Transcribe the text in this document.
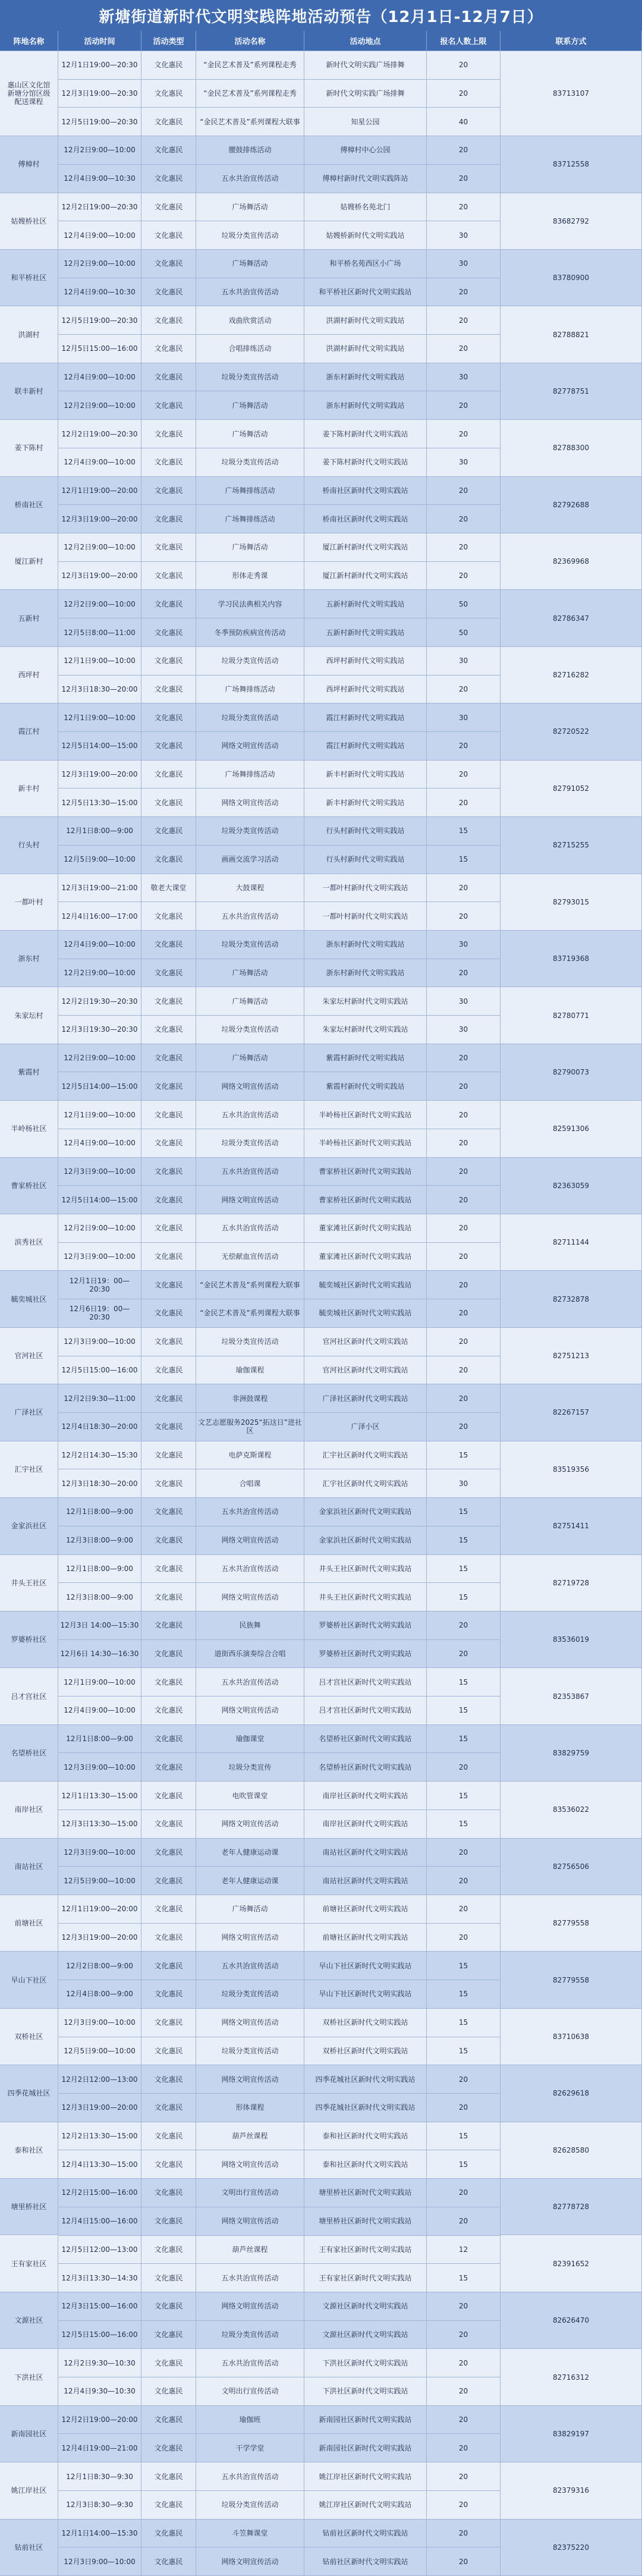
新塘街道新时代文明实践阵地活动预告（12月1日-12月7日）
阵地名称	活动时间	活动类型	活动名称	活动地点	报名人数上限	联系方式
惠山区文化馆
新塘分馆区级
配送课程
83713107
12月1日19:00—20:30	文化惠民	“金民艺术普及”系列课程走秀	新时代文明实践广场排舞	20
12月3日19:00—20:30	文化惠民	“金民艺术普及”系列课程走秀	新时代文明实践广场排舞	20
12月5日19:00—20:30	文化惠民	“金民艺术普及”系列课程大联事	知星公园	40
傅樟村	83712558
12月2日9:00—10:00	文化惠民	腰鼓排练活动	傅樟村中心公园	20
12月4日9:00—10:30	文化惠民	五水共治宣传活动	傅樟村新时代文明实践阵站	20
姑嫂桥社区	83682792
12月2日19:00—20:30	文化惠民	广场舞活动	姑嫂桥名苑北门	20
12月4日9:00—10:00	文化惠民	垃圾分类宣传活动	姑嫂桥新时代文明实践站	30
和平桥社区	83780900
12月2日9:00—10:00	文化惠民	广场舞活动	和平桥名苑西区小广场	30
12月4日9:00—10:30	文化惠民	五水共治宣传活动	和平桥社区新时代文明实践站	20
洪湖村	82788821
12月5日19:00—20:30	文化惠民	戏曲欣赏活动	洪湖村新时代文明实践站	20
12月5日15:00—16:00	文化惠民	合唱排练活动	洪湖村新时代文明实践站	20
联丰新村	82778751
12月4日9:00—10:00	文化惠民	垃圾分类宣传活动	浙东村新时代文明实践站	30
12月2日9:00—10:00	文化惠民	广场舞活动	浙东村新时代文明实践站	20
姜下陈村	82788300
12月2日19:00—20:30	文化惠民	广场舞活动	姜下陈村新时代文明实践站	20
12月4日9:00—10:00	文化惠民	垃圾分类宣传活动	姜下陈村新时代文明实践站	30
桥南社区	82792688
12月1日19:00—20:00	文化惠民	广场舞排练活动	桥南社区新时代文明实践站	20
12月3日19:00—20:00	文化惠民	广场舞排练活动	桥南社区新时代文明实践站	20
厦江新村	82369968
12月2日9:00—10:00	文化惠民	广场舞活动	厦江新村新时代文明实践站	20
12月3日19:00—20:00	文化惠民	形体走秀课	厦江新村新时代文明实践站	20
五新村	82786347
12月2日9:00—10:00	文化惠民	学习民法典相关内容	五新村新时代文明实践站	50
12月5日8:00—11:00	文化惠民	冬季预防疾病宣传活动	五新村新时代文明实践站	50
西坪村	82716282
12月1日9:00—10:00	文化惠民	垃圾分类宣传活动	西坪村新时代文明实践站	30
12月3日18:30—20:00	文化惠民	广场舞排练活动	西坪村新时代文明实践站	20
霞江村	82720522
12月1日9:00—10:00	文化惠民	垃圾分类宣传活动	霞江村新时代文明实践站	30
12月5日14:00—15:00	文化惠民	网络文明宣传活动	霞江村新时代文明实践站	20
新丰村	82791052
12月3日19:00—20:00	文化惠民	广场舞排练活动	新丰村新时代文明实践站	20
12月5日13:30—15:00	文化惠民	网络文明宣传活动	新丰村新时代文明实践站	20
行头村	82715255
12月1日8:00—9:00	文化惠民	垃圾分类宣传活动	行头村新时代文明实践站	15
12月5日9:00—10:00	文化惠民	画画交流学习活动	行头村新时代文明实践站	15
一都叶村	82793015
12月3日19:00—21:00	敬老大课堂	大鼓课程	一都叶村新时代文明实践站	20
12月4日16:00—17:00	文化惠民	五水共治宣传活动	一都叶村新时代文明实践站	20
浙东村	83719368
12月4日9:00—10:00	文化惠民	垃圾分类宣传活动	浙东村新时代文明实践站	30
12月2日9:00—10:00	文化惠民	广场舞活动	浙东村新时代文明实践站	20
朱家坛村	82780771
12月2日19:30—20:30	文化惠民	广场舞活动	朱家坛村新时代文明实践站	30
12月3日19:30—20:30	文化惠民	垃圾分类宣传活动	朱家坛村新时代文明实践站	30
紫霞村	82790073
12月2日9:00—10:00	文化惠民	广场舞活动	紫霞村新时代文明实践站	20
12月5日14:00—15:00	文化惠民	网络文明宣传活动	紫霞村新时代文明实践站	20
半岭杨社区	82591306
12月1日9:00—10:00	文化惠民	五水共治宣传活动	半岭杨社区新时代文明实践站	20
12月4日9:00—10:00	文化惠民	垃圾分类宣传活动	半岭杨社区新时代文明实践站	20
曹家桥社区	82363059
12月3日9:00—10:00	文化惠民	五水共治宣传活动	曹家桥社区新时代文明实践站	20
12月5日14:00—15:00	文化惠民	网络文明宣传活动	曹家桥社区新时代文明实践站	20
滨秀社区	82711144
12月2日9:00—10:00	文化惠民	五水共治宣传活动	董家滩社区新时代文明实践站	20
12月3日9:00—10:00	文化惠民	无偿献血宣传活动	董家滩社区新时代文明实践站	20
毓奕城社区	82732878
12月1日19：00—20:30	文化惠民	“金民艺术普及”系列课程大联事	毓奕城社区新时代文明实践站	20
12月6日19：00—20:30	文化惠民	“金民艺术普及”系列课程大联事	毓奕城社区新时代文明实践站	20
官河社区	82751213
12月3日9:00—10:00	文化惠民	垃圾分类宣传活动	官河社区新时代文明实践站	20
12月5日15:00—16:00	文化惠民	瑜伽课程	官河社区新时代文明实践站	20
广泽社区	82267157
12月2日9:30—11:00	文化惠民	非洲鼓课程	广泽社区新时代文明实践站	20
12月4日18:30—20:00	文化惠民	文艺志愿服务2025“拓这日”进社区	广泽小区	20
汇宇社区	83519356
12月2日14:30—15:30	文化惠民	电萨克斯课程	汇宇社区新时代文明实践站	15
12月3日18:30—20:00	文化惠民	合唱课	汇宇社区新时代文明实践站	30
金家浜社区	82751411
12月1日8:00—9:00	文化惠民	五水共治宣传活动	金家浜社区新时代文明实践站	15
12月3日8:00—9:00	文化惠民	网络文明宣传活动	金家浜社区新时代文明实践站	15
井头王社区	82719728
12月1日8:00—9:00	文化惠民	五水共治宣传活动	井头王社区新时代文明实践站	15
12月3日8:00—9:00	文化惠民	网络文明宣传活动	井头王社区新时代文明实践站	15
罗婆桥社区	83536019
12月3日 14:00—15:30	文化惠民	民族舞	罗婆桥社区新时代文明实践站	20
12月6日 14:30—16:30	文化惠民	道街西乐演奏综合合唱	罗婆桥社区新时代文明实践站	20
吕才宫社区	82353867
12月1日9:00—10:00	文化惠民	五水共治宣传活动	吕才宫社区新时代文明实践站	15
12月4日9:00—10:00	文化惠民	网络文明宣传活动	吕才宫社区新时代文明实践站	15
名望桥社区	83829759
12月1日8:00—9:00	文化惠民	瑜伽课堂	名望桥社区新时代文明实践站	15
12月3日9:00—10:00	文化惠民	垃圾分类宣传	名望桥社区新时代文明实践站	20
南岸社区	83536022
12月1日13:30—15:00	文化惠民	电吹管课堂	南岸社区新时代文明实践站	15
12月3日13:30—15:00	文化惠民	网络文明宣传活动	南岸社区新时代文明实践站	15
南站社区	82756506
12月3日9:00—10:00	文化惠民	老年人健康运动课	南站社区新时代文明实践站	20
12月5日9:00—10:00	文化惠民	老年人健康运动课	南站社区新时代文明实践站	20
前塘社区	82779558
12月1日19:00—20:00	文化惠民	广场舞活动	前塘社区新时代文明实践站	20
12月3日19:00—20:00	文化惠民	网络文明宣传活动	前塘社区新时代文明实践站	20
早山下社区	82779558
12月2日8:00—9:00	文化惠民	五水共治宣传活动	早山下社区新时代文明实践站	15
12月4日8:00—9:00	文化惠民	垃圾分类宣传活动	早山下社区新时代文明实践站	15
双桥社区	83710638
12月3日9:00—10:00	文化惠民	网络文明宣传活动	双桥社区新时代文明实践站	15
12月5日9:00—10:00	文化惠民	垃圾分类宣传活动	双桥社区新时代文明实践站	15
四季花城社区	82629618
12月2日12:00—13:00	文化惠民	网络文明宣传活动	四季花城社区新时代文明实践站	20
12月3日19:00—20:00	文化惠民	形体课程	四季花城社区新时代文明实践站	20
泰和社区	82628580
12月2日13:30—15:00	文化惠民	葫芦丝课程	泰和社区新时代文明实践站	15
12月4日13:30—15:00	文化惠民	网络文明宣传活动	泰和社区新时代文明实践站	15
塘里桥社区	82778728
12月2日15:00—16:00	文化惠民	文明出行宣传活动	塘里桥社区新时代文明实践站	20
12月4日15:00—16:00	文化惠民	网络文明宣传活动	塘里桥社区新时代文明实践站	20
王有家社区	82391652
12月5日12:00—13:00	文化惠民	葫芦丝课程	王有家社区新时代文明实践站	12
12月3日13:30—14:30	文化惠民	五水共治宣传活动	王有家社区新时代文明实践站	15
文源社区	82626470
12月3日15:00—16:00	文化惠民	网络文明宣传活动	文源社区新时代文明实践站	20
12月5日15:00—16:00	文化惠民	垃圾分类宣传活动	文源社区新时代文明实践站	20
下洪社区	82716312
12月2日9:30—10:30	文化惠民	五水共治宣传活动	下洪社区新时代文明实践站	20
12月4日9:30—10:30	文化惠民	文明出行宣传活动	下洪社区新时代文明实践站	20
新南园社区	83829197
12月2日19:00—20:00	文化惠民	瑜伽班	新南园社区新时代文明实践站	20
12月4日19:00—21:00	文化惠民	干学学堂	新南园社区新时代文明实践站	20
姚江岸社区	82379316
12月1日8:30—9:30	文化惠民	五水共治宣传活动	姚江岸社区新时代文明实践站	20
12月3日8:30—9:30	文化惠民	垃圾分类宣传活动	姚江岸社区新时代文明实践站	20
钻前社区	82375220
12月1日14:00—15:30	文化惠民	斗笠舞课堂	钻前社区新时代文明实践站	20
12月3日9:00—10:00	文化惠民	网络文明宣传活动	钻前社区新时代文明实践站	20
